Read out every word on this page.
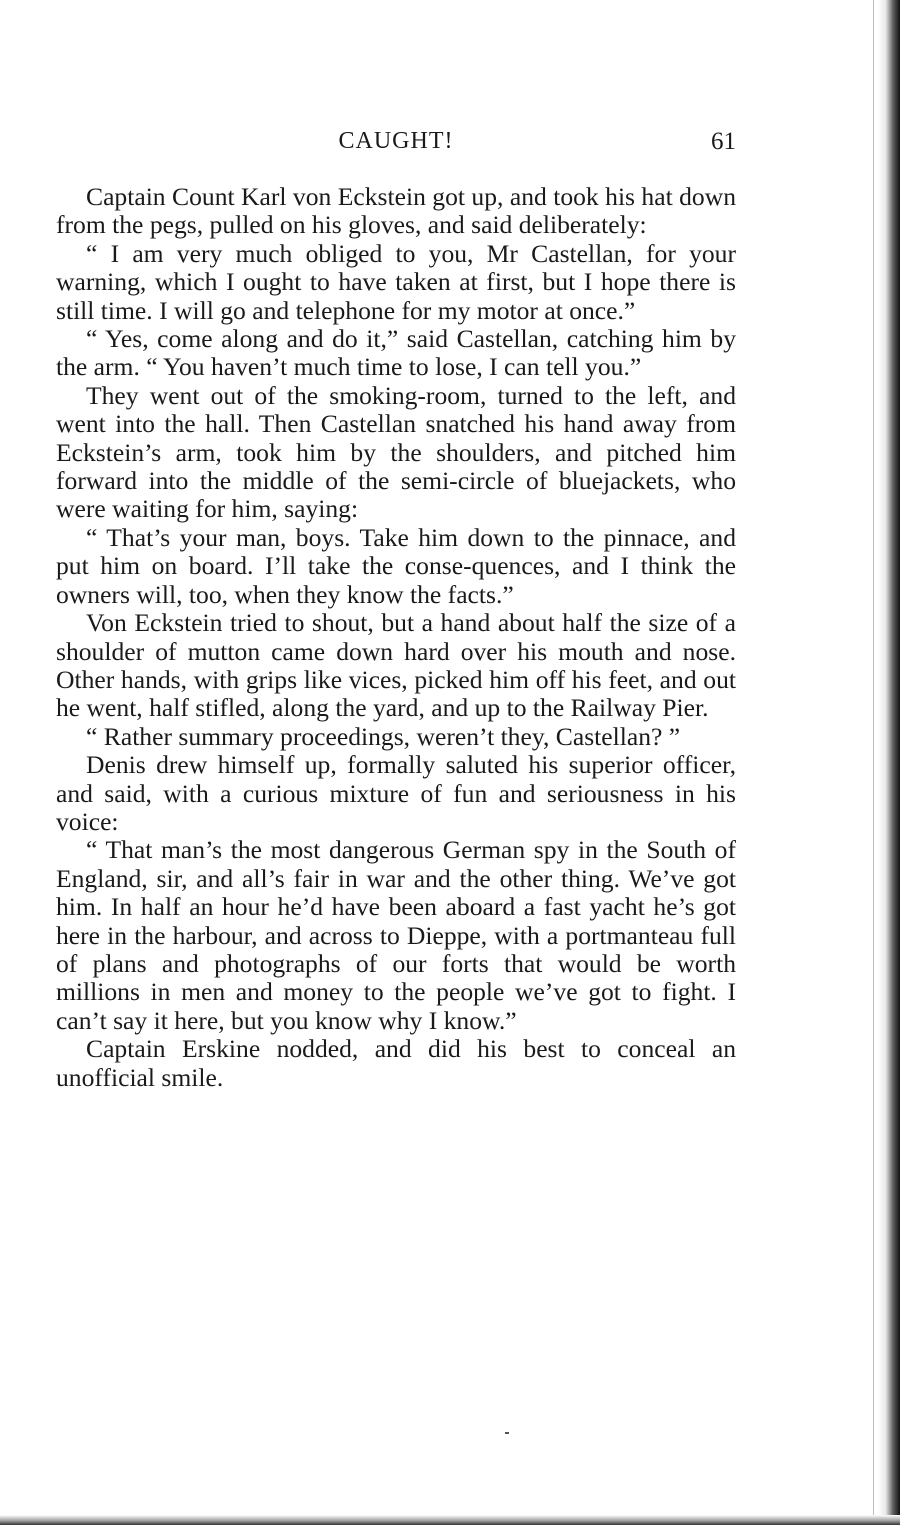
CAUGHT!	61

Captain Count Karl von Eckstein got up, and took his hat down from the pegs, pulled on his gloves, and said deliberately:

“ I am very much obliged to you, Mr Castellan, for your warning, which I ought to have taken at first, but I hope there is still time. I will go and telephone for my motor at once.”

“ Yes, come along and do it,” said Castellan, catching him by the arm. “ You haven’t much time to lose, I can tell you.”

They went out of the smoking-room, turned to the left, and went into the hall. Then Castellan snatched his hand away from Eckstein’s arm, took him by the shoulders, and pitched him forward into the middle of the semi-circle of bluejackets, who were waiting for him, saying:

“ That’s your man, boys. Take him down to the pinnace, and put him on board. I’ll take the conse-quences, and I think the owners will, too, when they know the facts.”

Von Eckstein tried to shout, but a hand about half the size of a shoulder of mutton came down hard over his mouth and nose. Other hands, with grips like vices, picked him off his feet, and out he went, half stifled, along the yard, and up to the Railway Pier.

“ Rather summary proceedings, weren’t they, Castellan? ”

Denis drew himself up, formally saluted his superior officer, and said, with a curious mixture of fun and seriousness in his voice:

“ That man’s the most dangerous German spy in the South of England, sir, and all’s fair in war and the other thing. We’ve got him. In half an hour he’d have been aboard a fast yacht he’s got here in the harbour, and across to Dieppe, with a portmanteau full of plans and photographs of our forts that would be worth millions in men and money to the people we’ve got to fight. I can’t say it here, but you know why I know.”

Captain Erskine nodded, and did his best to conceal an unofficial smile.
